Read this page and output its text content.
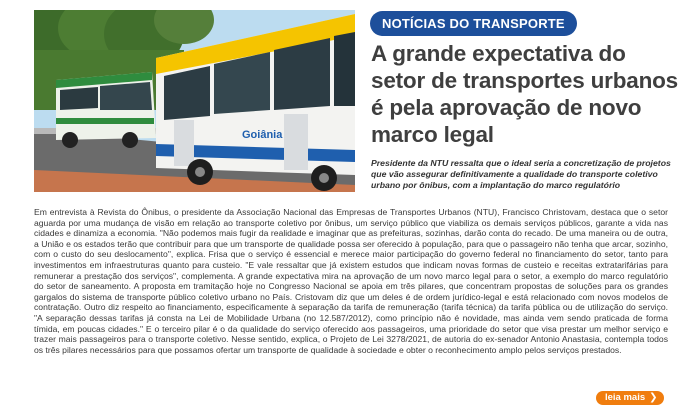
Goiânia
NOTÍCIAS DO TRANSPORTE
A grande expectativa do setor de transportes urbanos é pela aprovação de novo marco legal

Presidente da NTU ressalta que o ideal seria a concretização de projetos que vão assegurar definitivamente a qualidade do transporte coletivo urbano por ônibus, com a implantação do marco regulatório

Em entrevista à Revista do Ônibus, o presidente da Associação Nacional das Empresas de Transportes Urbanos (NTU), Francisco Christovam, destaca que o setor aguarda por uma mudança de visão em relação ao transporte coletivo por ônibus, um serviço público que viabiliza os demais serviços públicos, garante a vida nas cidades e dinamiza a economia. "Não podemos mais fugir da realidade e imaginar que as prefeituras, sozinhas, darão conta do recado. De uma maneira ou de outra, a União e os estados terão que contribuir para que um transporte de qualidade possa ser oferecido à população, para que o passageiro não tenha que arcar, sozinho, com o custo do seu deslocamento", explica. Frisa que o serviço é essencial e merece maior participação do governo federal no financiamento do setor, tanto para investimentos em infraestruturas quanto para custeio. "E vale ressaltar que já existem estudos que indicam novas formas de custeio e receitas extratarifárias para remunerar a prestação dos serviços", complementa. A grande expectativa mira na aprovação de um novo marco legal para o setor, a exemplo do marco regulatório do setor de saneamento. A proposta em tramitação hoje no Congresso Nacional se apoia em três pilares, que concentram propostas de soluções para os grandes gargalos do sistema de transporte público coletivo urbano no País. Cristovam diz que um deles é de ordem jurídico-legal e está relacionado com novos modelos de contratação. Outro diz respeito ao financiamento, especificamente à separação da tarifa de remuneração (tarifa técnica) da tarifa pública ou de utilização do serviço. "A separação dessas tarifas já consta na Lei de Mobilidade Urbana (no 12.587/2012), como princípio não é novidade, mas ainda vem sendo praticada de forma tímida, em poucas cidades." E o terceiro pilar é o da qualidade do serviço oferecido aos passageiros, uma prioridade do setor que visa prestar um melhor serviço e trazer mais passageiros para o transporte coletivo. Nesse sentido, explica, o Projeto de Lei 3278/2021, de autoria do ex-senador Antonio Anastasia, contempla todos os três pilares necessários para que possamos ofertar um transporte de qualidade à sociedade e obter o reconhecimento amplo pelos serviços prestados.

leia mais ❯
